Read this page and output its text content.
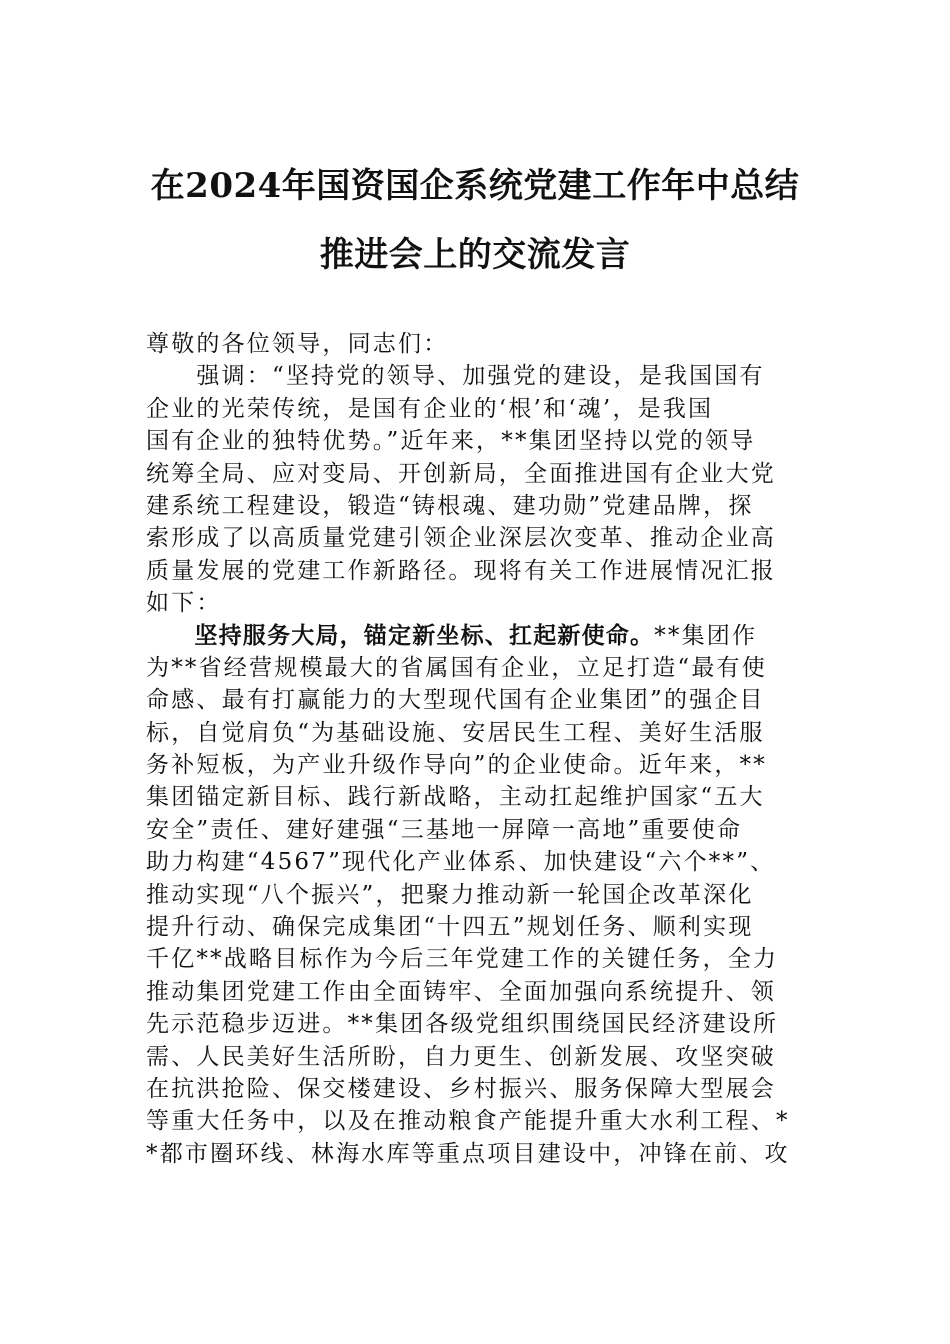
在2024年国资国企系统党建工作年中总结
推进会上的交流发言
尊敬的各位领导，同志们：
　　强调：“坚持党的领导、加强党的建设，是我国国有
企业的光荣传统，是国有企业的‘根’和‘魂’，是我国
国有企业的独特优势。”近年来，**集团坚持以党的领导
统筹全局、应对变局、开创新局，全面推进国有企业大党
建系统工程建设，锻造“铸根魂、建功勋”党建品牌，探
索形成了以高质量党建引领企业深层次变革、推动企业高
质量发展的党建工作新路径。现将有关工作进展情况汇报
如下：
　　坚持服务大局，锚定新坐标、扛起新使命。**集团作
为**省经营规模最大的省属国有企业，立足打造“最有使
命感、最有打赢能力的大型现代国有企业集团”的强企目
标，自觉肩负“为基础设施、安居民生工程、美好生活服
务补短板，为产业升级作导向”的企业使命。近年来，**
集团锚定新目标、践行新战略，主动扛起维护国家“五大
安全”责任、建好建强“三基地一屏障一高地”重要使命
助力构建“4567”现代化产业体系、加快建设“六个**”、
推动实现“八个振兴”，把聚力推动新一轮国企改革深化
提升行动、确保完成集团“十四五”规划任务、顺利实现
千亿**战略目标作为今后三年党建工作的关键任务，全力
推动集团党建工作由全面铸牢、全面加强向系统提升、领
先示范稳步迈进。**集团各级党组织围绕国民经济建设所
需、人民美好生活所盼，自力更生、创新发展、攻坚突破
在抗洪抢险、保交楼建设、乡村振兴、服务保障大型展会
等重大任务中，以及在推动粮食产能提升重大水利工程、*
*都市圈环线、林海水库等重点项目建设中，冲锋在前、攻
